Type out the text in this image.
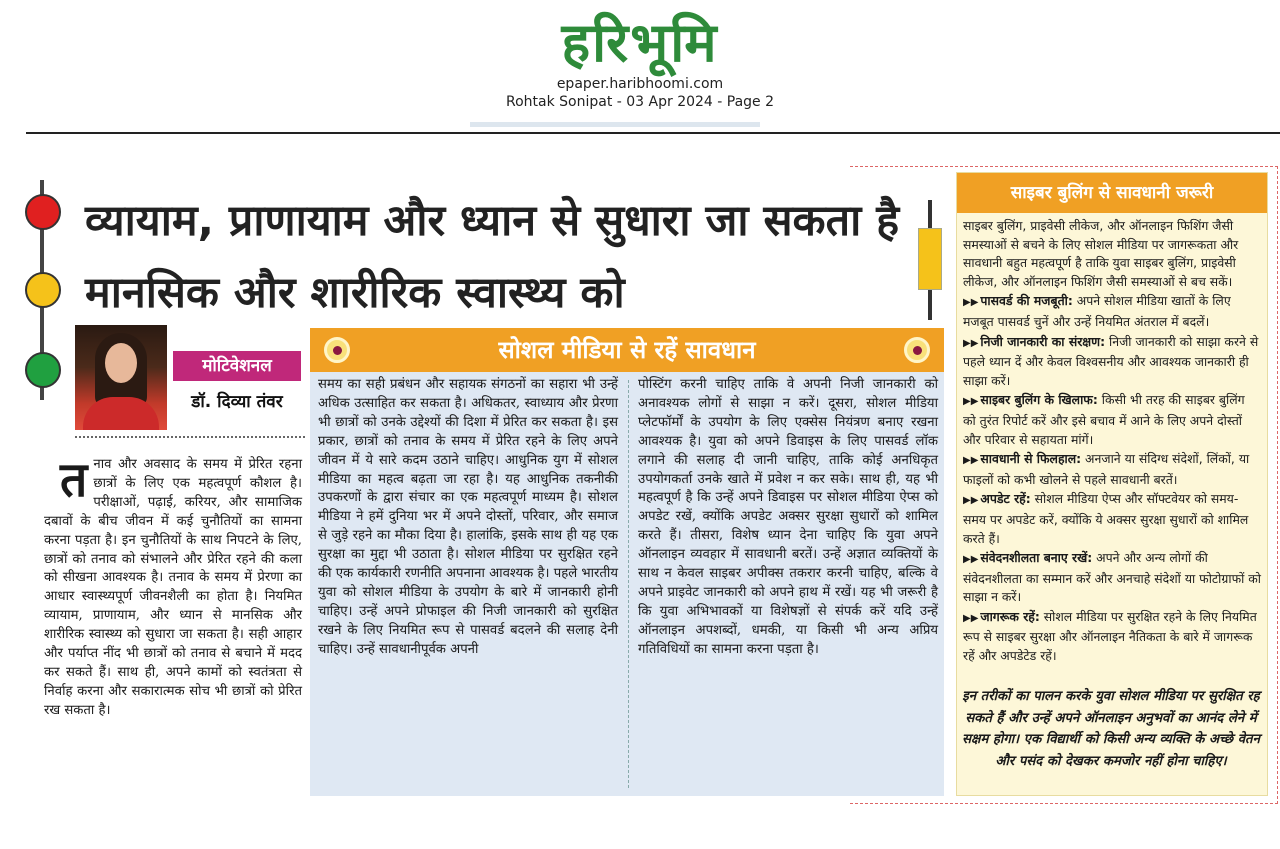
हरिभूमि
epaper.haribhoomi.com
Rohtak Sonipat - 03 Apr 2024 - Page 2
व्यायाम, प्राणायाम और ध्यान से सुधारा जा सकता है मानसिक और शारीरिक स्वास्थ्य को
मोटिवेशनल
डॉ. दिव्या तंवर
त नाव और अवसाद के समय में प्रेरित रहना छात्रों के लिए एक महत्वपूर्ण कौशल है। परीक्षाओं, पढ़ाई, करियर, और सामाजिक दबावों के बीच जीवन में कई चुनौतियों का सामना करना पड़ता है। इन चुनौतियों के साथ निपटने के लिए, छात्रों को तनाव को संभालने और प्रेरित रहने की कला को सीखना आवश्यक है। तनाव के समय में प्रेरणा का आधार स्वास्थ्यपूर्ण जीवनशैली का होता है। नियमित व्यायाम, प्राणायाम, और ध्यान से मानसिक और शारीरिक स्वास्थ्य को सुधारा जा सकता है। सही आहार और पर्याप्त नींद भी छात्रों को तनाव से बचाने में मदद कर सकते हैं। साथ ही, अपने कामों को स्वतंत्रता से निर्वाह करना और सकारात्मक सोच भी छात्रों को प्रेरित रख सकता है।
सोशल मीडिया से रहें सावधान
समय का सही प्रबंधन और सहायक संगठनों का सहारा भी उन्हें अधिक उत्साहित कर सकता है। अधिकतर, स्वाध्याय और प्रेरणा भी छात्रों को उनके उद्देश्यों की दिशा में प्रेरित कर सकता है। इस प्रकार, छात्रों को तनाव के समय में प्रेरित रहने के लिए अपने जीवन में ये सारे कदम उठाने चाहिए। आधुनिक युग में सोशल मीडिया का महत्व बढ़ता जा रहा है। यह आधुनिक तकनीकी उपकरणों के द्वारा संचार का एक महत्वपूर्ण माध्यम है। सोशल मीडिया ने हमें दुनिया भर में अपने दोस्तों, परिवार, और समाज से जुड़े रहने का मौका दिया है। हालांकि, इसके साथ ही यह एक सुरक्षा का मुद्दा भी उठाता है। सोशल मीडिया पर सुरक्षित रहने की एक कार्यकारी रणनीति अपनाना आवश्यक है। पहले भारतीय युवा को सोशल मीडिया के उपयोग के बारे में जानकारी होनी चाहिए। उन्हें अपने प्रोफाइल की निजी जानकारी को सुरक्षित रखने के लिए नियमित रूप से पासवर्ड बदलने की सलाह देनी चाहिए। उन्हें सावधानीपूर्वक अपनी
पोस्टिंग करनी चाहिए ताकि वे अपनी निजी जानकारी को अनावश्यक लोगों से साझा न करें। दूसरा, सोशल मीडिया प्लेटफॉर्मों के उपयोग के लिए एक्सेस नियंत्रण बनाए रखना आवश्यक है। युवा को अपने डिवाइस के लिए पासवर्ड लॉक लगाने की सलाह दी जानी चाहिए, ताकि कोई अनधिकृत उपयोगकर्ता उनके खाते में प्रवेश न कर सके। साथ ही, यह भी महत्वपूर्ण है कि उन्हें अपने डिवाइस पर सोशल मीडिया ऐप्स को अपडेट रखें, क्योंकि अपडेट अक्सर सुरक्षा सुधारों को शामिल करते हैं। तीसरा, विशेष ध्यान देना चाहिए कि युवा अपने ऑनलाइन व्यवहार में सावधानी बरतें। उन्हें अज्ञात व्यक्तियों के साथ न केवल साइबर अपीक्स तकरार करनी चाहिए, बल्कि वे अपने प्राइवेट जानकारी को अपने हाथ में रखें। यह भी जरूरी है कि युवा अभिभावकों या विशेषज्ञों से संपर्क करें यदि उन्हें ऑनलाइन अपशब्दों, धमकी, या किसी भी अन्य अप्रिय गतिविधियों का सामना करना पड़ता है।
साइबर बुलिंग से सावधानी जरूरी

साइबर बुलिंग, प्राइवेसी लीकेज, और ऑनलाइन फिशिंग जैसी समस्याओं से बचने के लिए सोशल मीडिया पर जागरूकता और सावधानी बहुत महत्वपूर्ण है ताकि युवा साइबर बुलिंग, प्राइवेसी लीकेज, और ऑनलाइन फिशिंग जैसी समस्याओं से बच सकें।

▶▶ पासवर्ड की मजबूती: अपने सोशल मीडिया खातों के लिए मजबूत पासवर्ड चुनें और उन्हें नियमित अंतराल में बदलें।

▶▶ निजी जानकारी का संरक्षण: निजी जानकारी को साझा करने से पहले ध्यान दें और केवल विश्वसनीय और आवश्यक जानकारी ही साझा करें।

▶▶ साइबर बुलिंग के खिलाफ: किसी भी तरह की साइबर बुलिंग को तुरंत रिपोर्ट करें और इसे बचाव में आने के लिए अपने दोस्तों और परिवार से सहायता मांगें।

▶▶ सावधानी से फिलहाल: अनजाने या संदिग्ध संदेशों, लिंकों, या फाइलों को कभी खोलने से पहले सावधानी बरतें।

▶▶ अपडेट रहें: सोशल मीडिया ऐप्स और सॉफ्टवेयर को समय-समय पर अपडेट करें, क्योंकि ये अक्सर सुरक्षा सुधारों को शामिल करते हैं।

▶▶ संवेदनशीलता बनाए रखें: अपने और अन्य लोगों की संवेदनशीलता का सम्मान करें और अनचाहे संदेशों या फोटोग्राफों को साझा न करें।

▶▶ जागरूक रहें: सोशल मीडिया पर सुरक्षित रहने के लिए नियमित रूप से साइबर सुरक्षा और ऑनलाइन नैतिकता के बारे में जागरूक रहें और अपडेटेड रहें।

इन तरीकों का पालन करके युवा सोशल मीडिया पर सुरक्षित रह सकते हैं और उन्हें अपने ऑनलाइन अनुभवों का आनंद लेने में सक्षम होगा। एक विद्यार्थी को किसी अन्य व्यक्ति के अच्छे वेतन और पसंद को देखकर कमजोर नहीं होना चाहिए।
